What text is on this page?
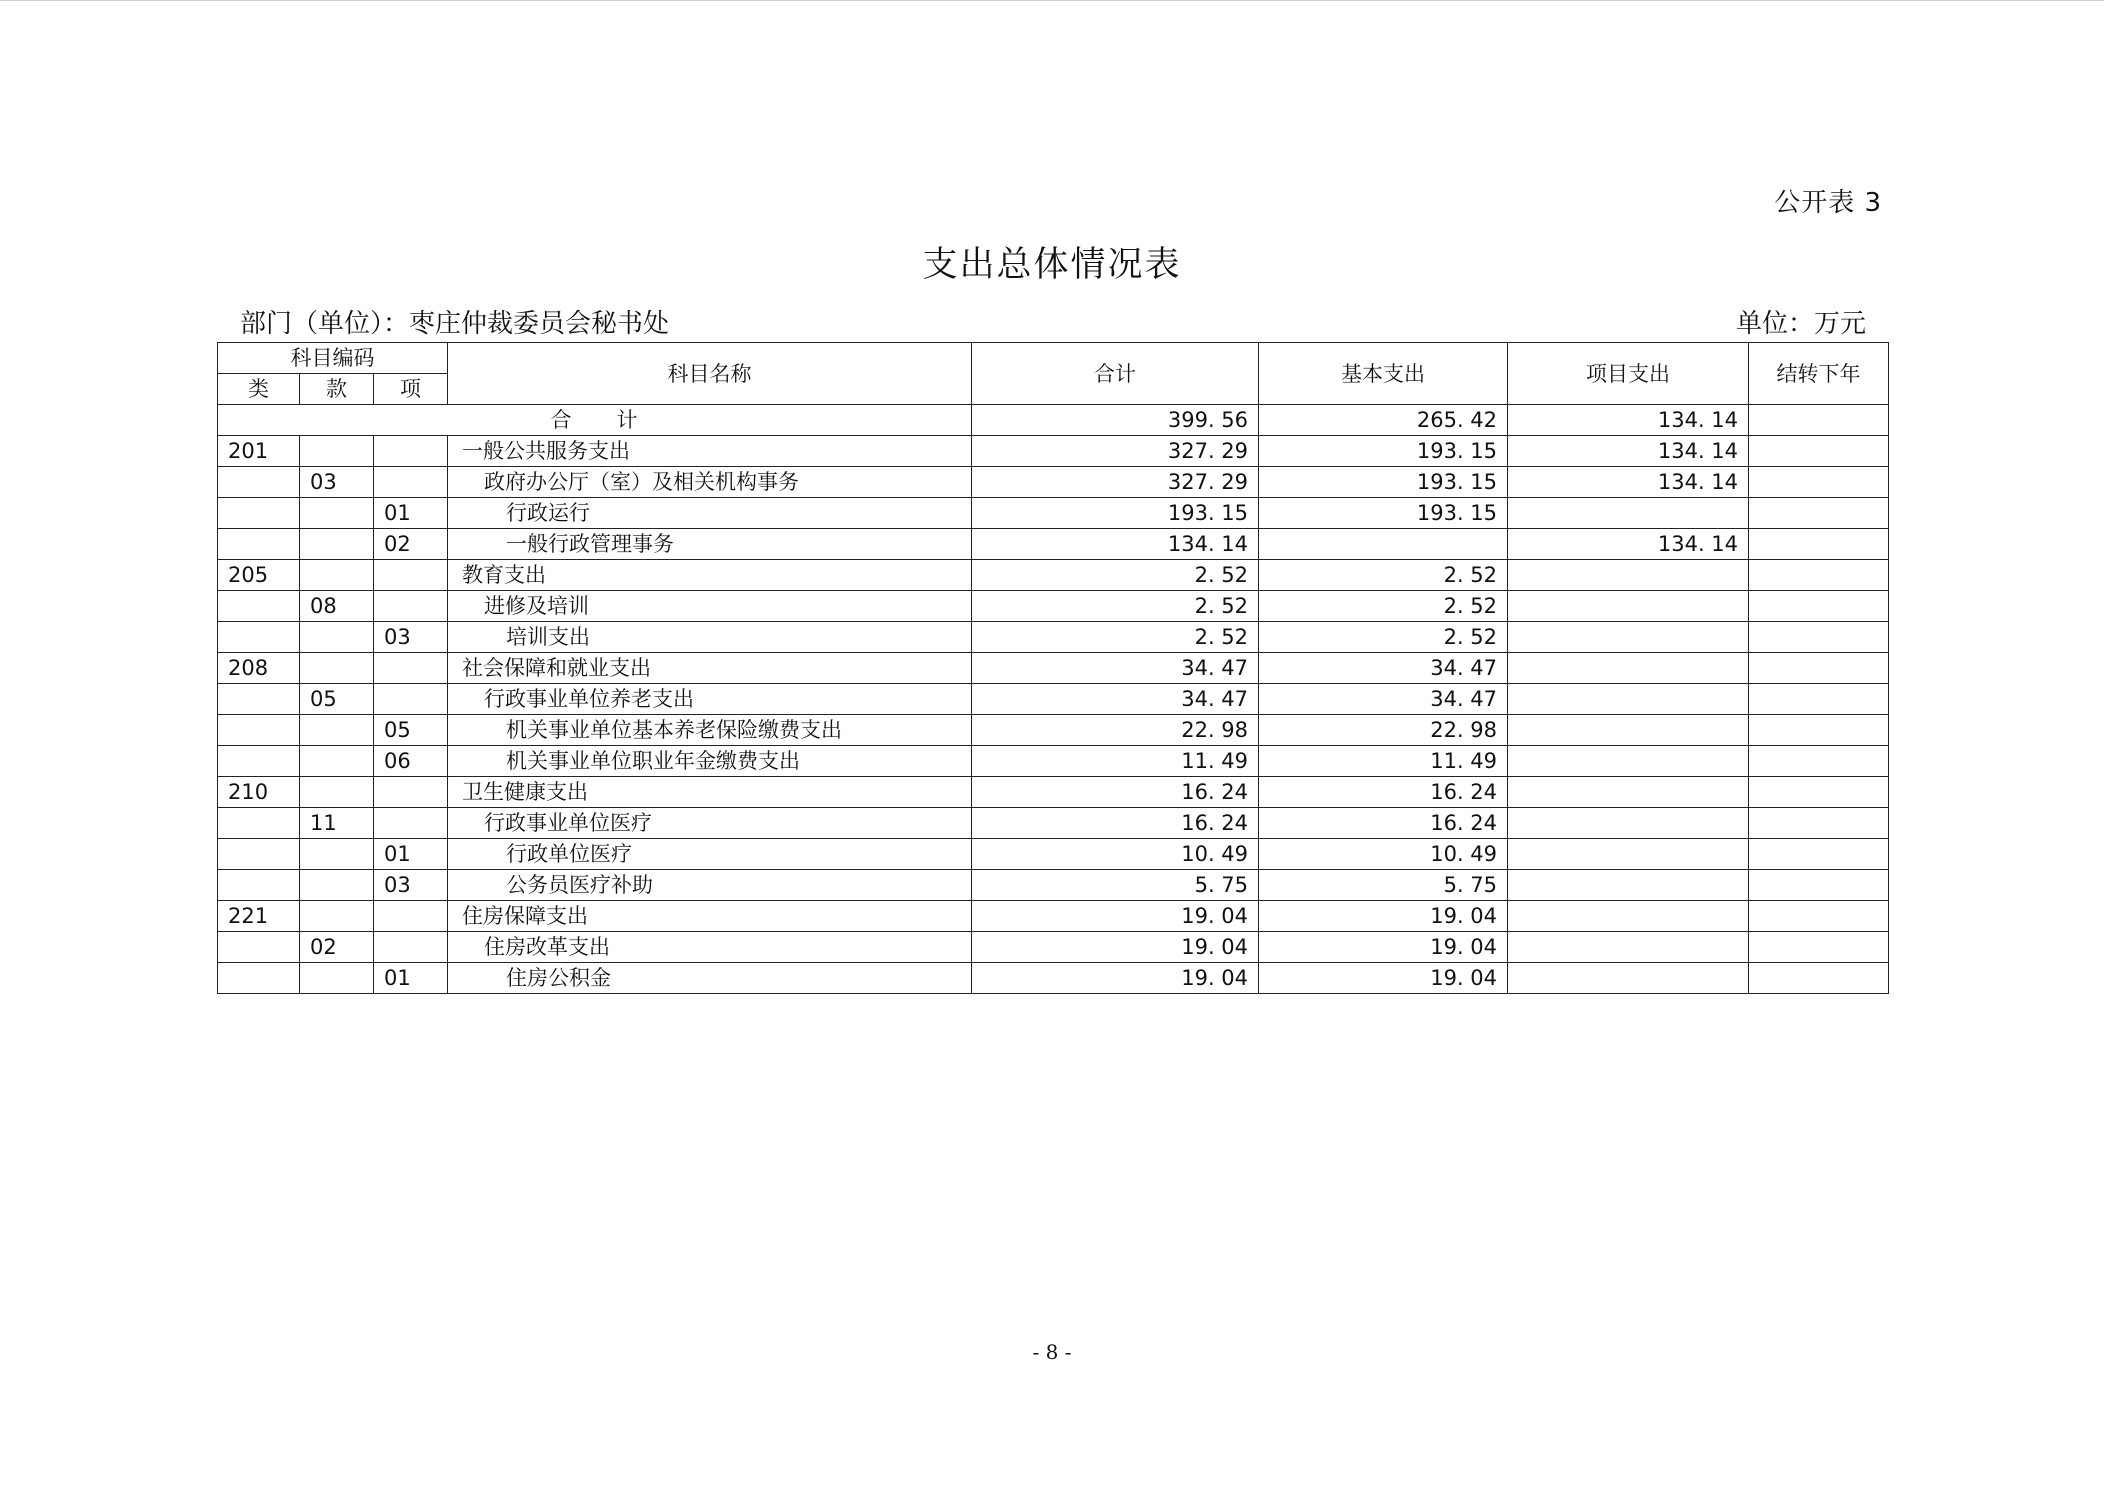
公开表 3
支出总体情况表
部门（单位）：枣庄仲裁委员会秘书处	单位：万元
科目编码			科目名称	合计	基本支出	项目支出	结转下年
类	款	项					
合 计				399. 56	265. 42	134. 14	
201			一般公共服务支出	327. 29	193. 15	134. 14	
	03		政府办公厅（室）及相关机构事务	327. 29	193. 15	134. 14	
		01	行政运行	193. 15	193. 15		
		02	一般行政管理事务	134. 14		134. 14	
205			教育支出	2. 52	2. 52		
	08		进修及培训	2. 52	2. 52		
		03	培训支出	2. 52	2. 52		
208			社会保障和就业支出	34. 47	34. 47		
	05		行政事业单位养老支出	34. 47	34. 47		
		05	机关事业单位基本养老保险缴费支出	22. 98	22. 98		
		06	机关事业单位职业年金缴费支出	11. 49	11. 49		
210			卫生健康支出	16. 24	16. 24		
	11		行政事业单位医疗	16. 24	16. 24		
		01	行政单位医疗	10. 49	10. 49		
		03	公务员医疗补助	5. 75	5. 75		
221			住房保障支出	19. 04	19. 04		
	02		住房改革支出	19. 04	19. 04		
		01	住房公积金	19. 04	19. 04		
- 8 -
